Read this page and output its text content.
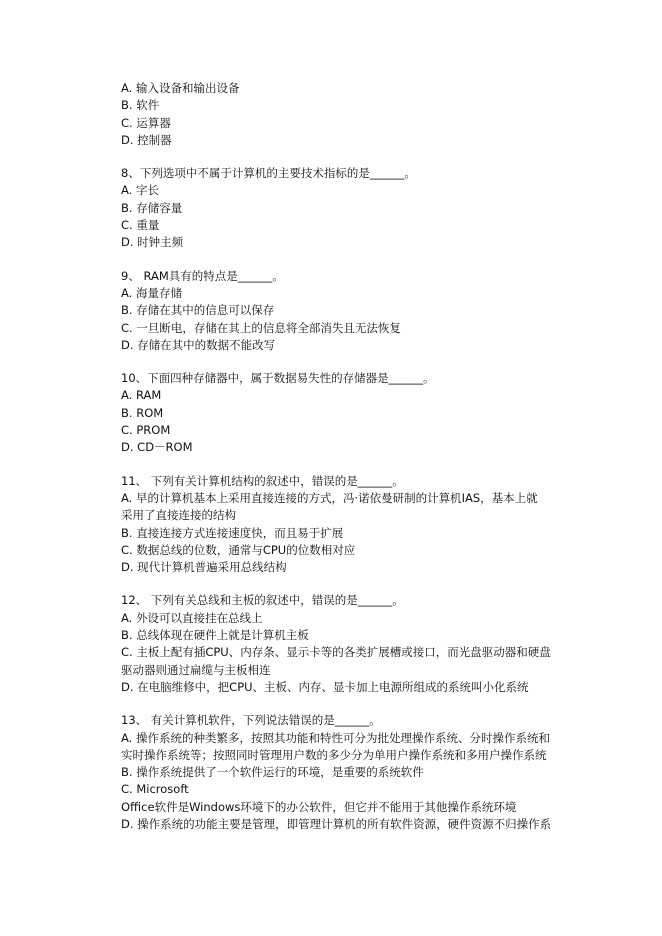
A. 输入设备和输出设备
B. 软件
C. 运算器
D. 控制器
8、下列选项中不属于计算机的主要技术指标的是______。
A. 字长
B. 存储容量
C. 重量
D. 时钟主频
9、 RAM具有的特点是______。
A. 海量存储
B. 存储在其中的信息可以保存
C. 一旦断电，存储在其上的信息将全部消失且无法恢复
D. 存储在其中的数据不能改写
10、下面四种存储器中，属于数据易失性的存储器是______。
A. RAM
B. ROM
C. PROM
D. CD－ROM
11、 下列有关计算机结构的叙述中，错误的是______。
A. 早的计算机基本上采用直接连接的方式，冯·诺依曼研制的计算机IAS，基本上就
采用了直接连接的结构
B. 直接连接方式连接速度快，而且易于扩展
C. 数据总线的位数，通常与CPU的位数相对应
D. 现代计算机普遍采用总线结构
12、 下列有关总线和主板的叙述中，错误的是______。
A. 外设可以直接挂在总线上
B. 总线体现在硬件上就是计算机主板
C. 主板上配有插CPU、内存条、显示卡等的各类扩展槽或接口，而光盘驱动器和硬盘
驱动器则通过扁缆与主板相连
D. 在电脑维修中，把CPU、主板、内存、显卡加上电源所组成的系统叫小化系统
13、 有关计算机软件，下列说法错误的是______。
A. 操作系统的种类繁多，按照其功能和特性可分为批处理操作系统、分时操作系统和
实时操作系统等；按照同时管理用户数的多少分为单用户操作系统和多用户操作系统
B. 操作系统提供了一个软件运行的环境，是重要的系统软件
C. Microsoft
Office软件是Windows环境下的办公软件，但它并不能用于其他操作系统环境
D. 操作系统的功能主要是管理，即管理计算机的所有软件资源，硬件资源不归操作系
